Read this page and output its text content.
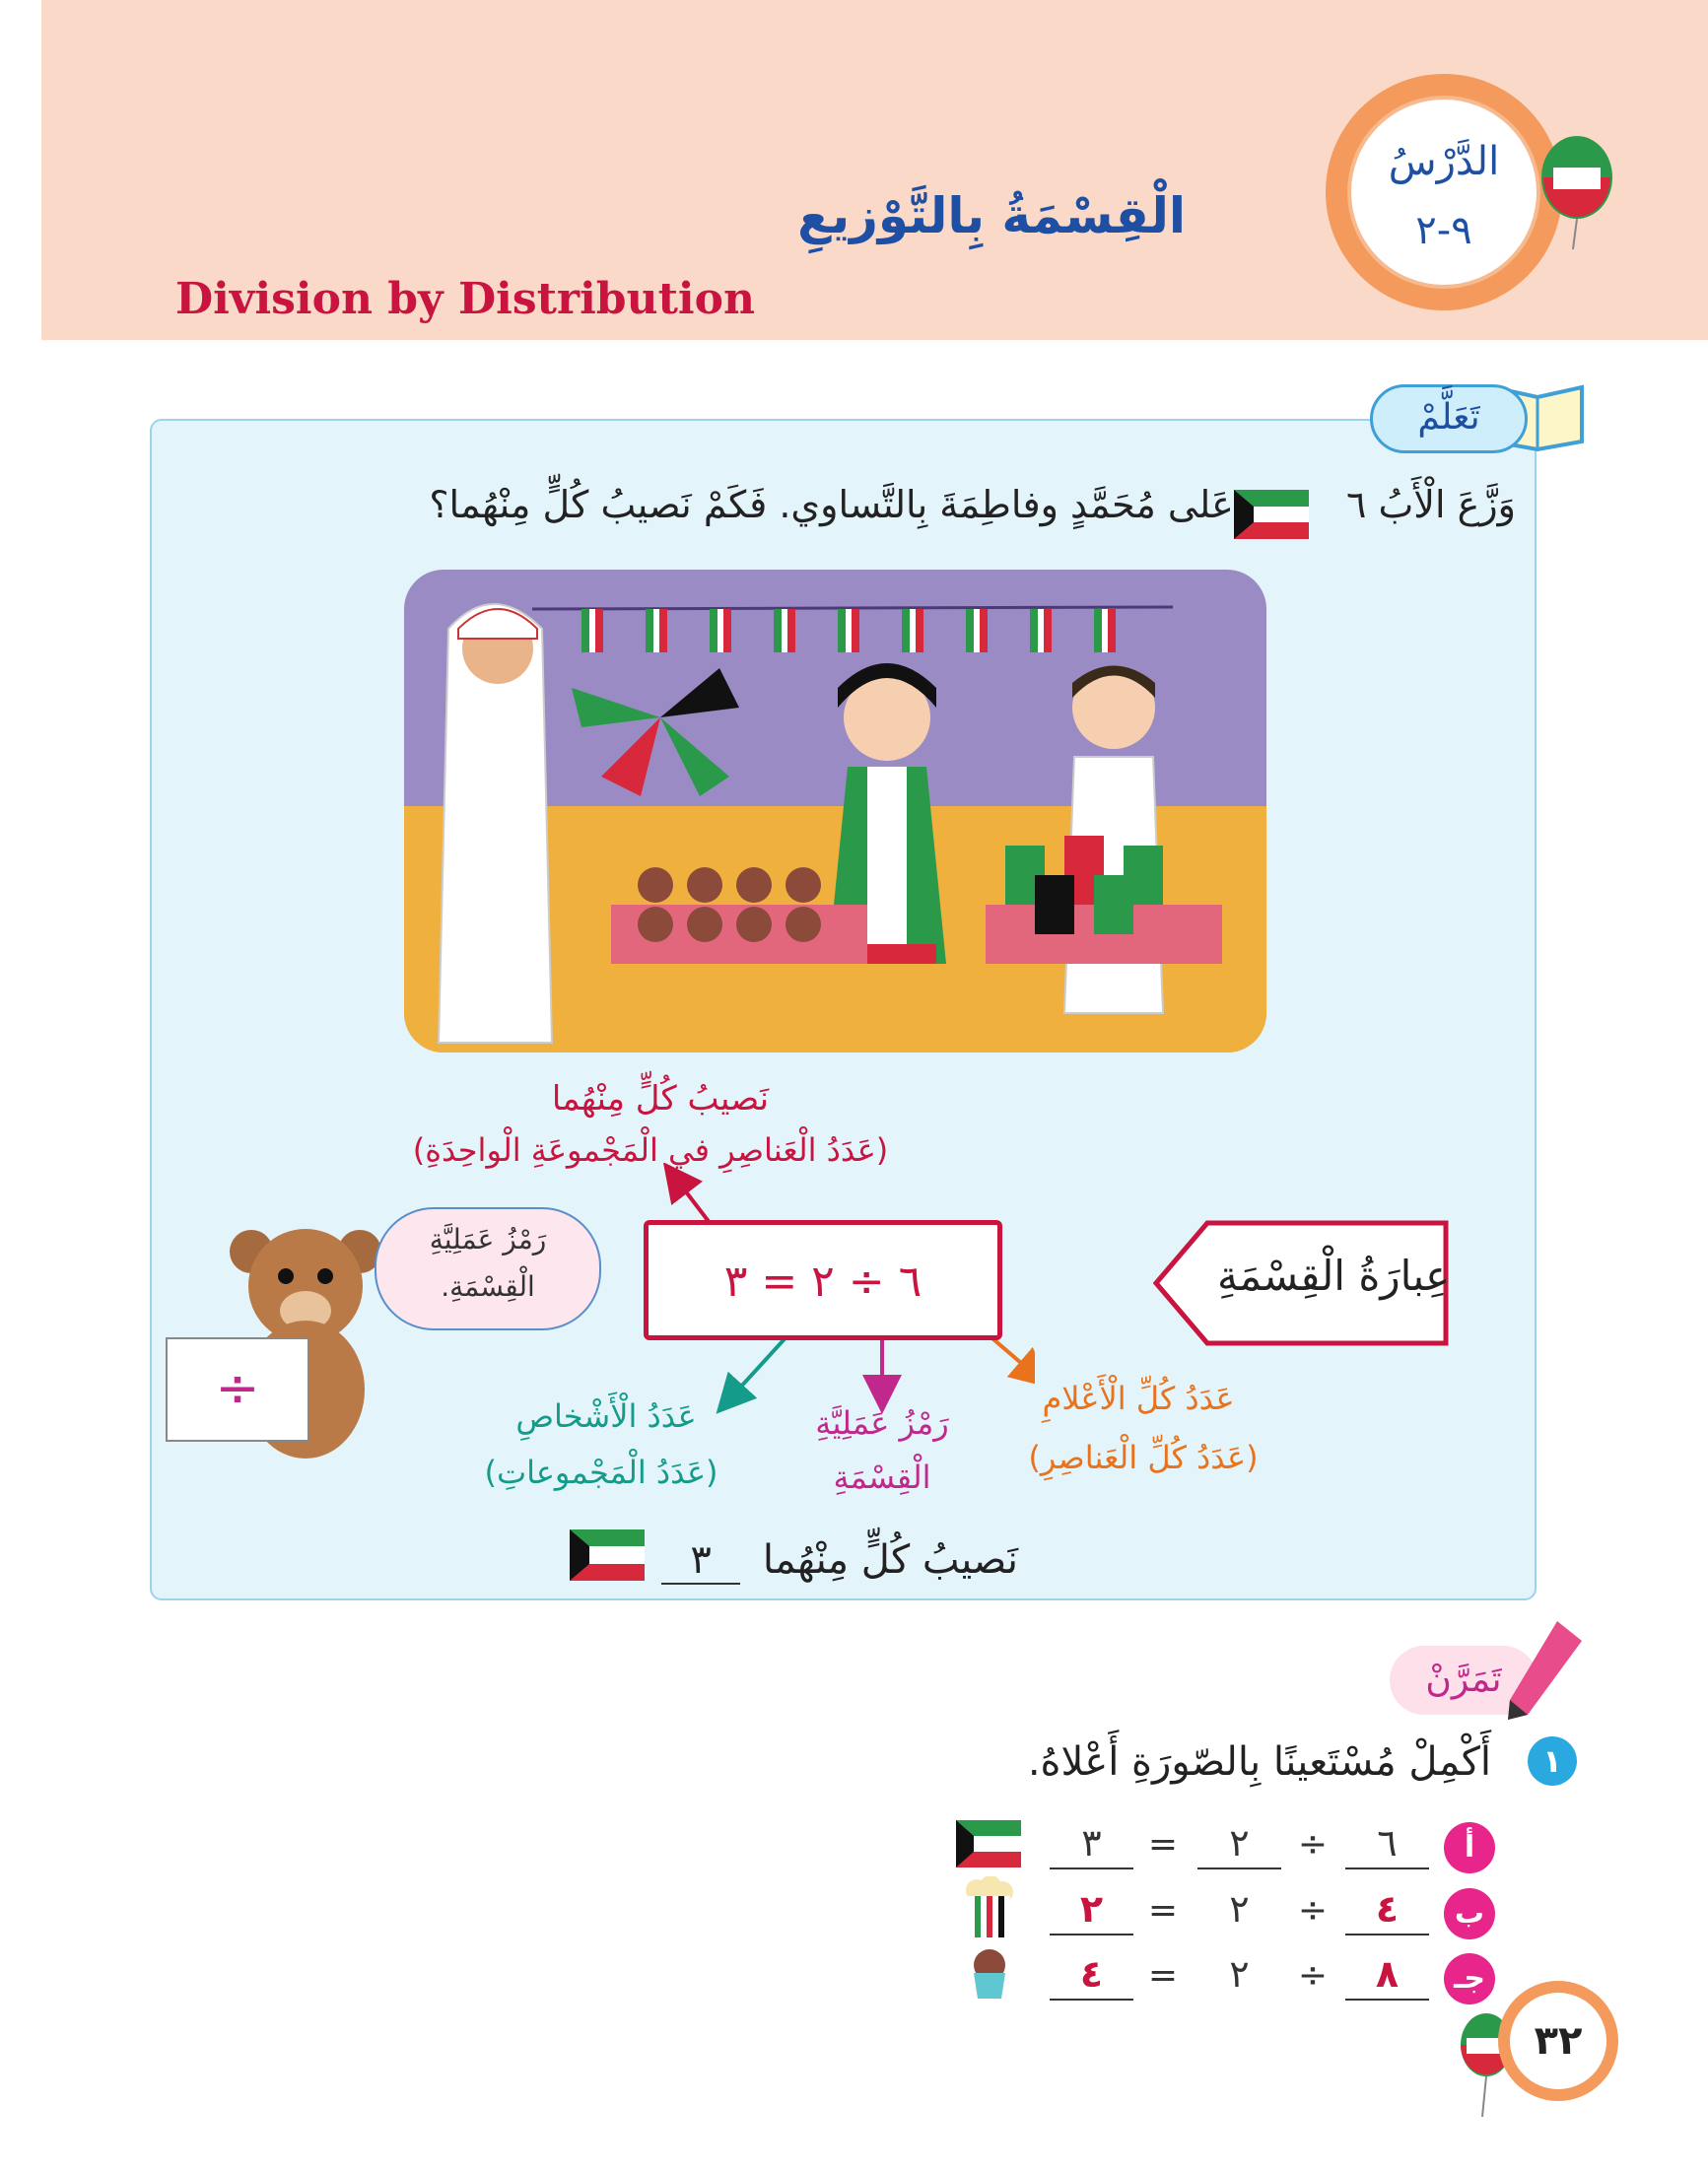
Division by Distribution
الْقِسْمَةُ بِالتَّوْزيعِ
الدَّرْسُ
٩-٢
تَعَلَّمْ
وَزَّعَ الْأَبُ ٦  عَلى مُحَمَّدٍ وفاطِمَةَ بِالتَّساوي. فَكَمْ نَصيبُ كُلٍّ مِنْهُما؟
نَصيبُ كُلٍّ مِنْهُما
(عَدَدُ الْعَناصِرِ في الْمَجْموعَةِ الْواحِدَةِ)
٦ ÷ ٢ = ٣	عِبارَةُ الْقِسْمَةِ
عَدَدُ الْأَشْخاصِ
(عَدَدُ الْمَجْموعاتِ)
رَمْزُ عَمَلِيَّةِ
الْقِسْمَةِ
عَدَدُ كُلِّ الْأَعْلامِ
(عَدَدُ كُلِّ الْعَناصِرِ)
÷
رَمْزُ عَمَلِيَّةِ
الْقِسْمَةِ.
نَصيبُ كُلٍّ مِنْهُما ٣
تَمَرَّنْ
١
أَكْمِلْ مُسْتَعينًا بِالصّورَةِ أَعْلاهُ.
أ
٦
÷
٢
=
٣
ب
٤
÷
٢
=
٢
جـ
٨
÷
٢
=
٤
٣٢
